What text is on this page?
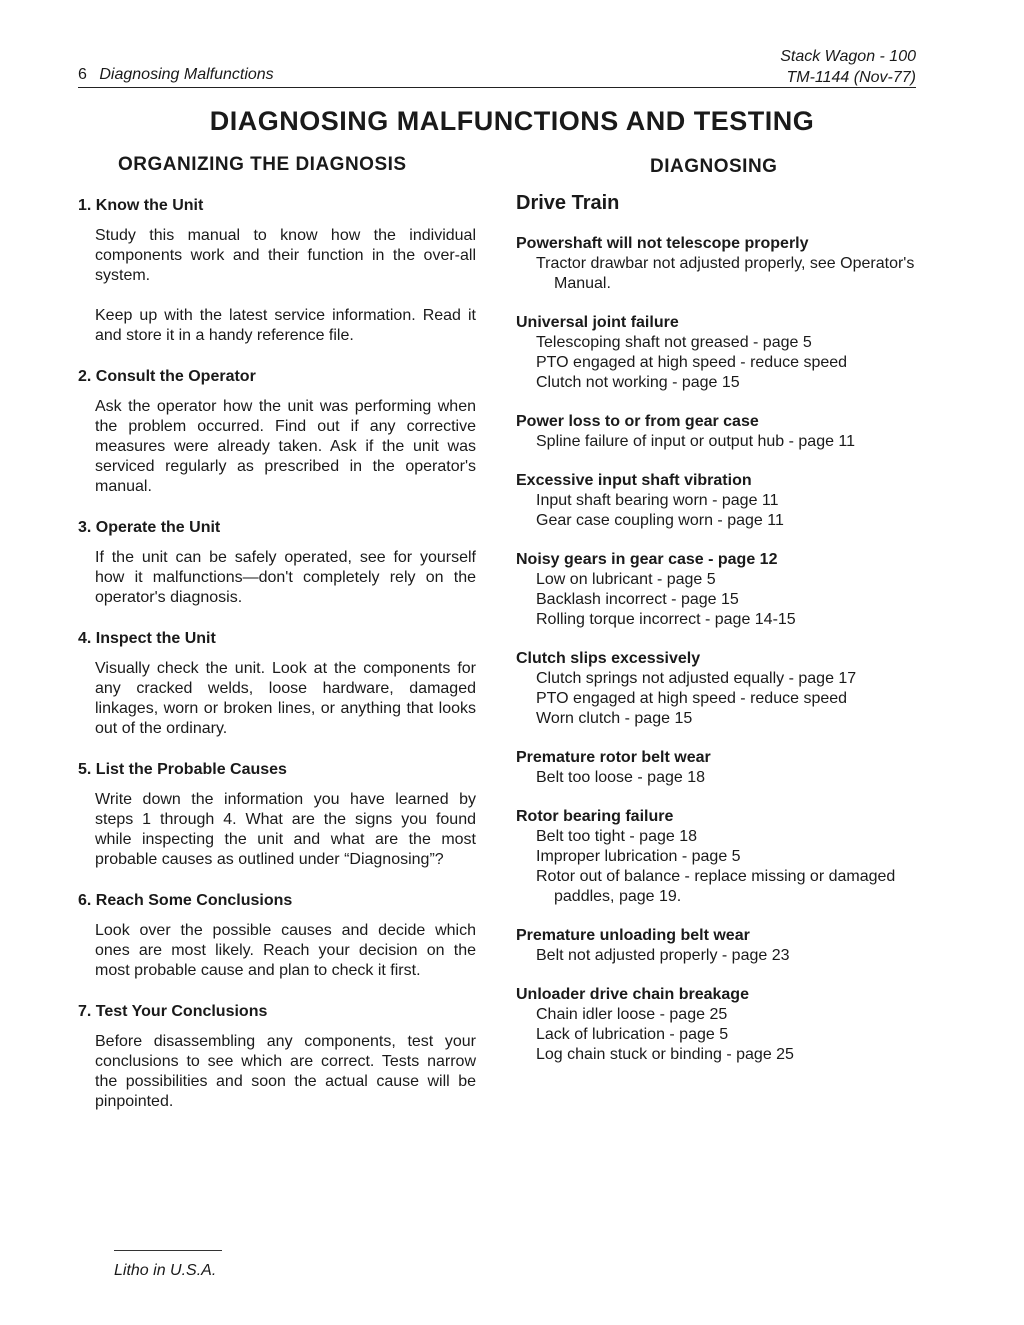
6 Diagnosing Malfunctions
Stack Wagon - 100
TM-1144 (Nov-77)
DIAGNOSING MALFUNCTIONS AND TESTING
ORGANIZING THE DIAGNOSIS	DIAGNOSING
1. Know the Unit

Study this manual to know how the individual components work and their function in the over-all system.

Keep up with the latest service information. Read it and store it in a handy reference file.

2. Consult the Operator

Ask the operator how the unit was performing when the problem occurred. Find out if any corrective measures were already taken. Ask if the unit was serviced regularly as prescribed in the operator's manual.

3. Operate the Unit

If the unit can be safely operated, see for yourself how it malfunctions—don't completely rely on the operator's diagnosis.

4. Inspect the Unit

Visually check the unit. Look at the components for any cracked welds, loose hardware, damaged linkages, worn or broken lines, or anything that looks out of the ordinary.

5. List the Probable Causes

Write down the information you have learned by steps 1 through 4. What are the signs you found while inspecting the unit and what are the most probable causes as outlined under “Diagnosing”?

6. Reach Some Conclusions

Look over the possible causes and decide which ones are most likely. Reach your decision on the most probable cause and plan to check it first.

7. Test Your Conclusions

Before disassembling any components, test your conclusions to see which are correct. Tests narrow the possibilities and soon the actual cause will be pinpointed.

Drive Train
Powershaft will not telescope properly
Tractor drawbar not adjusted properly, see Operator's Manual.
Universal joint failure
Telescoping shaft not greased - page 5
PTO engaged at high speed - reduce speed
Clutch not working - page 15
Power loss to or from gear case
Spline failure of input or output hub - page 11
Excessive input shaft vibration
Input shaft bearing worn - page 11
Gear case coupling worn - page 11
Noisy gears in gear case - page 12
Low on lubricant - page 5
Backlash incorrect - page 15
Rolling torque incorrect - page 14-15
Clutch slips excessively
Clutch springs not adjusted equally - page 17
PTO engaged at high speed - reduce speed
Worn clutch - page 15
Premature rotor belt wear
Belt too loose - page 18
Rotor bearing failure
Belt too tight - page 18
Improper lubrication - page 5
Rotor out of balance - replace missing or damaged paddles, page 19.
Premature unloading belt wear
Belt not adjusted properly - page 23
Unloader drive chain breakage
Chain idler loose - page 25
Lack of lubrication - page 5
Log chain stuck or binding - page 25
Litho in U.S.A.
